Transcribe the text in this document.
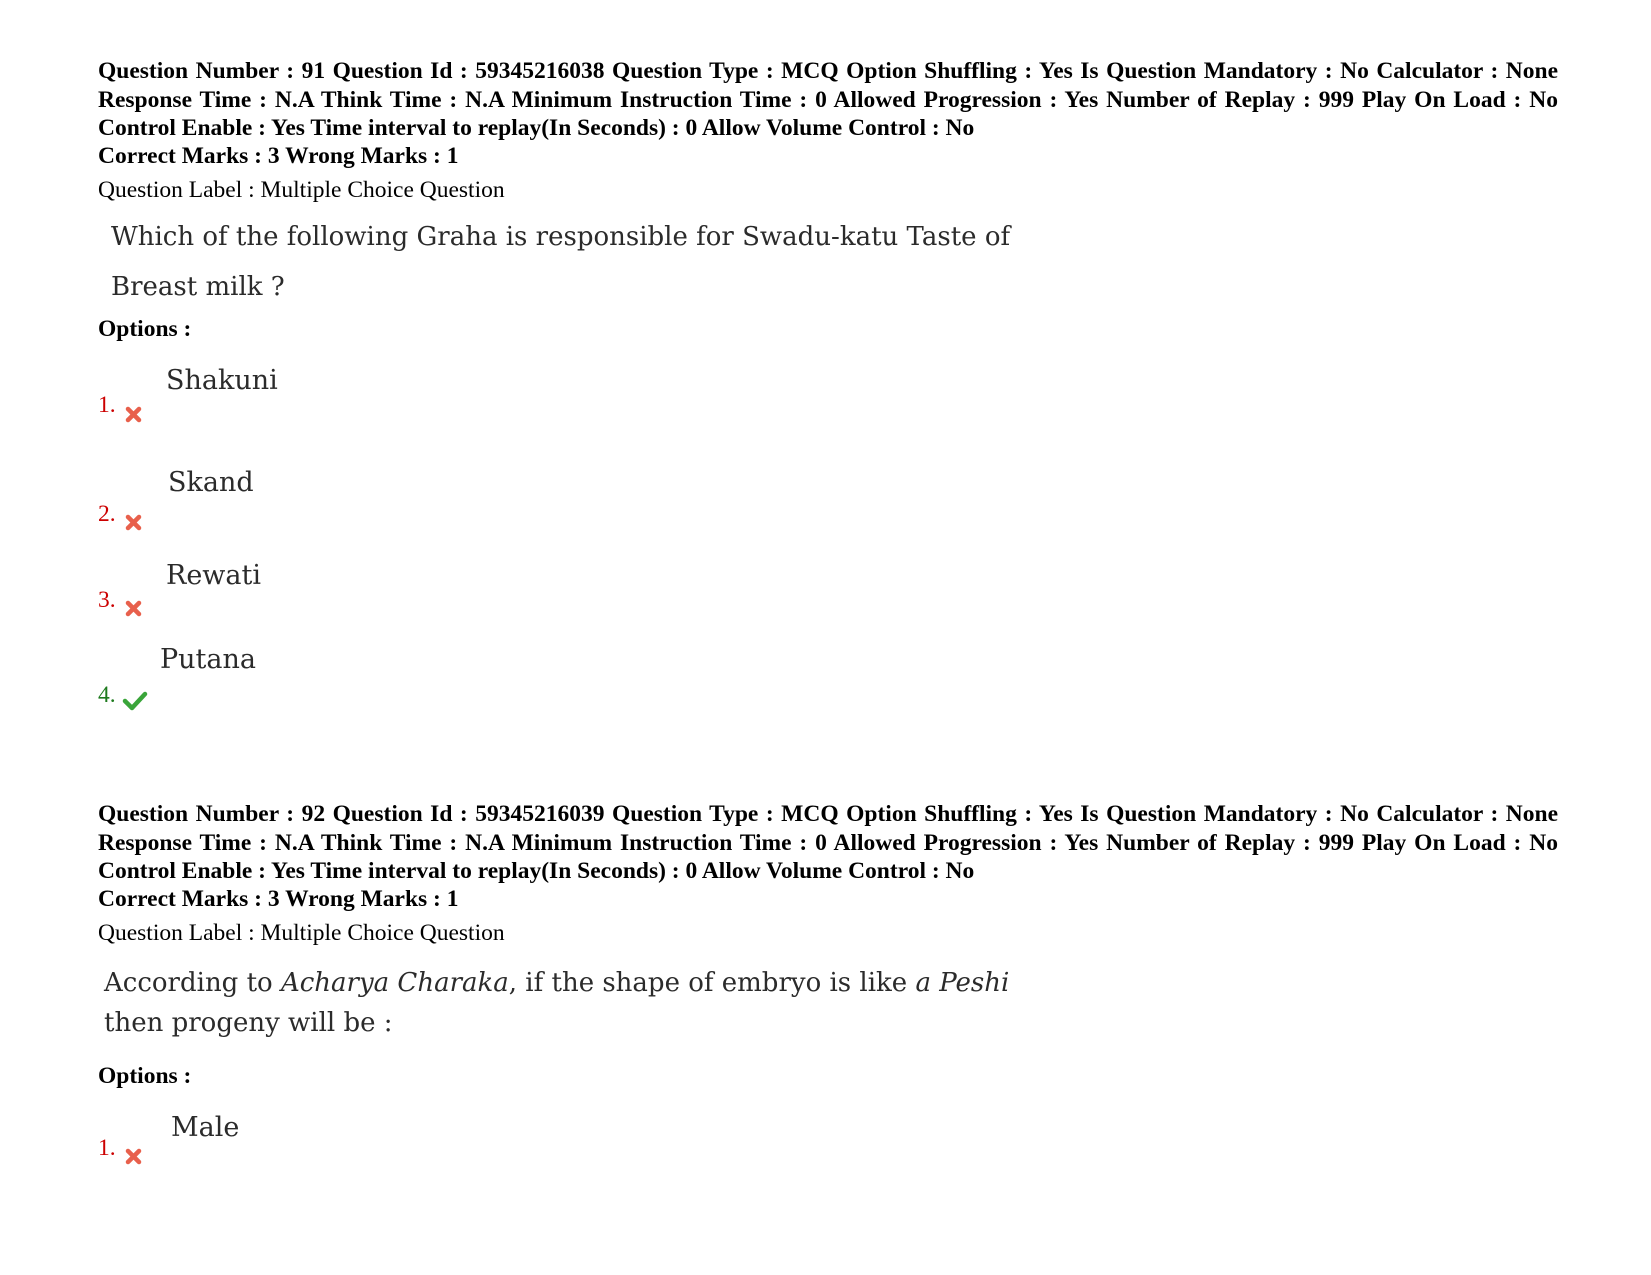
Question Number : 91 Question Id : 59345216038 Question Type : MCQ Option Shuffling : Yes Is Question Mandatory : No Calculator : None Response Time : N.A Think Time : N.A Minimum Instruction Time : 0 Allowed Progression : Yes Number of Replay : 999 Play On Load : No Control Enable : Yes Time interval to replay(In Seconds) : 0 Allow Volume Control : No
Correct Marks : 3 Wrong Marks : 1
Question Label : Multiple Choice Question
Which of the following Graha is responsible for Swadu-katu Taste of
Breast milk ?
Options :
1.
Shakuni
2.
Skand
3.
Rewati
4.
Putana
Question Number : 92 Question Id : 59345216039 Question Type : MCQ Option Shuffling : Yes Is Question Mandatory : No Calculator : None Response Time : N.A Think Time : N.A Minimum Instruction Time : 0 Allowed Progression : Yes Number of Replay : 999 Play On Load : No Control Enable : Yes Time interval to replay(In Seconds) : 0 Allow Volume Control : No
Correct Marks : 3 Wrong Marks : 1
Question Label : Multiple Choice Question
According to Acharya Charaka, if the shape of embryo is like a Peshi
then progeny will be :
Options :
1.
Male
